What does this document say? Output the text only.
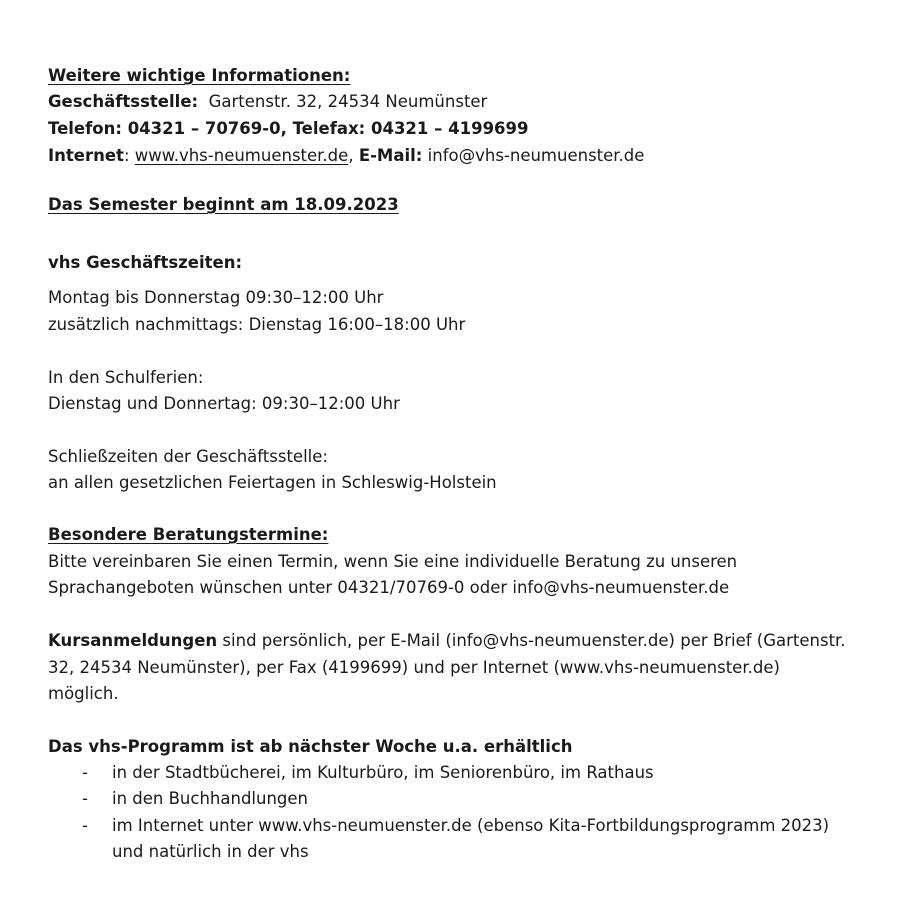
Weitere wichtige Informationen:
Geschäftsstelle:  Gartenstr. 32, 24534 Neumünster
Telefon: 04321 – 70769-0, Telefax: 04321 – 4199699
Internet: www.vhs-neumuenster.de, E-Mail: info@vhs-neumuenster.de
Das Semester beginnt am 18.09.2023
vhs Geschäftszeiten:
Montag bis Donnerstag 09:30–12:00 Uhr
zusätzlich nachmittags: Dienstag 16:00–18:00 Uhr
In den Schulferien:
Dienstag und Donnertag: 09:30–12:00 Uhr
Schließzeiten der Geschäftsstelle:
an allen gesetzlichen Feiertagen in Schleswig-Holstein
Besondere Beratungstermine:
Bitte vereinbaren Sie einen Termin, wenn Sie eine individuelle Beratung zu unseren
Sprachangeboten wünschen unter 04321/70769-0 oder info@vhs-neumuenster.de
Kursanmeldungen sind persönlich, per E-Mail (info@vhs-neumuenster.de) per Brief (Gartenstr.
32, 24534 Neumünster), per Fax (4199699) und per Internet (www.vhs-neumuenster.de)
möglich.
Das vhs-Programm ist ab nächster Woche u.a. erhältlich
- in der Stadtbücherei, im Kulturbüro, im Seniorenbüro, im Rathaus
- in den Buchhandlungen
- im Internet unter www.vhs-neumuenster.de (ebenso Kita-Fortbildungsprogramm 2023)
und natürlich in der vhs
